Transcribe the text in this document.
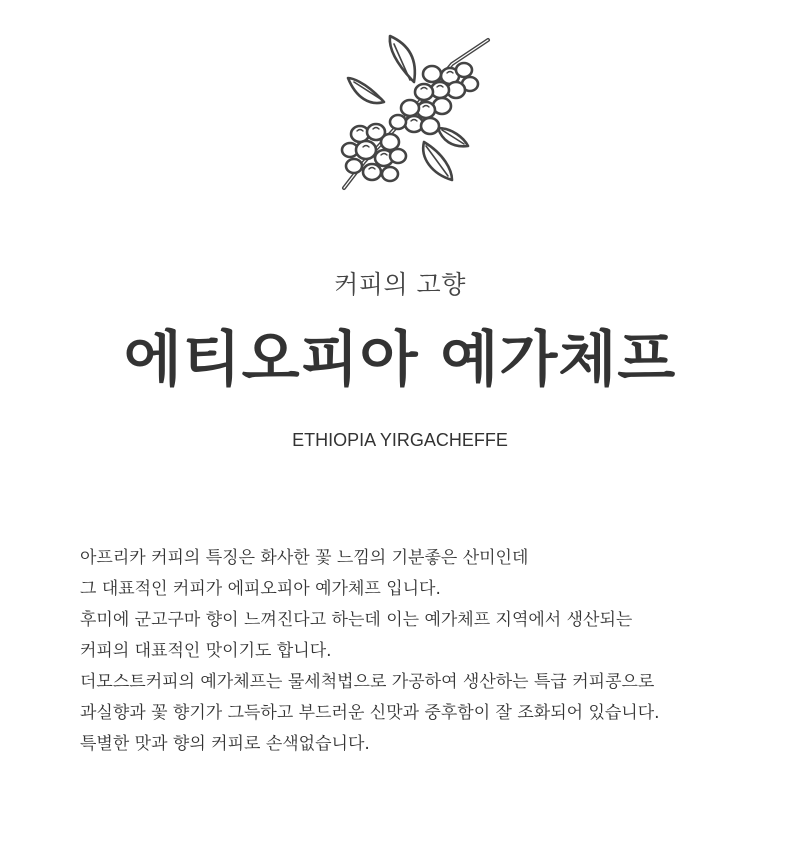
커피의 고향
에티오피아 예가체프
ETHIOPIA YIRGACHEFFE
아프리카 커피의 특징은 화사한 꽃 느낌의 기분좋은 산미인데
그 대표적인 커피가 에피오피아 예가체프 입니다.
후미에 군고구마 향이 느껴진다고 하는데 이는 예가체프 지역에서 생산되는
커피의 대표적인 맛이기도 합니다.
더모스트커피의 예가체프는 물세척법으로 가공하여 생산하는 특급 커피콩으로
과실향과 꽃 향기가 그득하고 부드러운 신맛과 중후함이 잘 조화되어 있습니다.
특별한 맛과 향의 커피로 손색없습니다.
